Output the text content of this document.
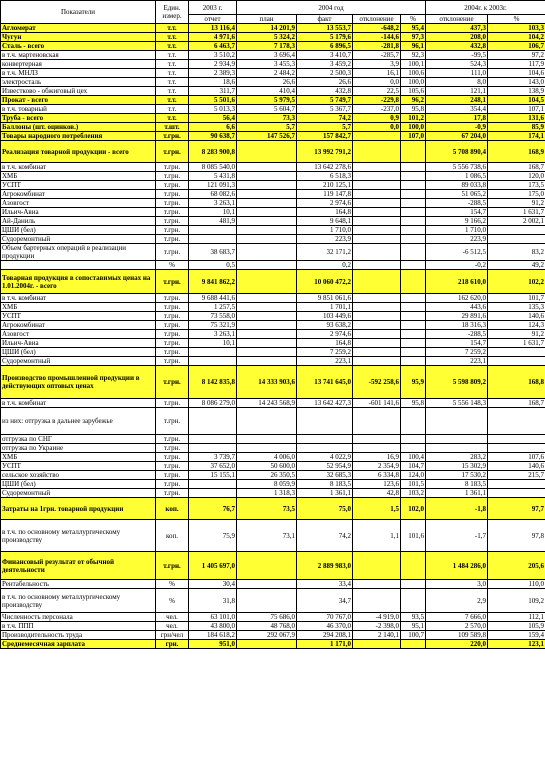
Показатели	Един. измер.	2003 г.	2004 год				2004г. к 2003г.	
		отчет	план	факт	отклонение	%	отклонение	%
Агломерат	т.т.	13 116,4	14 201,9	13 553,7	-648,2	95,4	437,3	103,3
Чугун	т.т.	4 971,6	5 324,2	5 179,6	-144,6	97,3	208,0	104,2
Сталь - всего	т.т.	6 463,7	7 178,3	6 896,5	-281,8	96,1	432,8	106,7
в т.ч. мартеновская	т.т.	3 510,2	3 696,4	3 410,7	-285,7	92,3	-99,5	97,2
конвертерная	т.т.	2 934,9	3 455,3	3 459,2	3,9	100,1	524,3	117,9
в т.ч. МНЛЗ	т.т.	2 389,3	2 484,2	2 500,3	16,1	100,6	111,0	104,6
электросталь	т.т.	18,6	26,6	26,6	0,0	100,0	8,0	143,0
Известково - обжиговый цех	т.т.	311,7	410,4	432,8	22,5	105,6	121,1	138,9
Прокат - всего	т.т.	5 501,6	5 979,5	5 749,7	-229,8	96,2	248,1	104,5
в т.ч. товарный	т.т.	5 013,3	5 604,7	5 367,7	-237,0	95,8	354,4	107,1
Труба - всего	т.т.	56,4	73,3	74,2	0,9	101,2	17,8	131,6
Баллоны (шт. оцинков.)	т.шт.	6,6	5,7	5,7	0,0	100,0	-0,9	85,9
Товары народного потребления	т.грн.	90 638,7	147 526,7	157 842,7		107,0	67 204,0	174,1
Реализация товарной продукции - всего	т.грн.	8 283 900,8		13 992 791,2			5 708 890,4	168,9
в т.ч. комбинат	т.грн.	8 085 540,0		13 642 278,6			5 556 738,6	168,7
ХМБ	т.грн.	5 431,8		6 518,3			1 086,5	120,0
УСПТ	т.грн.	121 091,3		210 125,1			89 033,8	173,5
Агрокомбинат	т.грн.	68 082,6		119 147,8			51 065,2	175,0
Азовгост	т.грн.	3 263,1		2 974,6			-288,5	91,2
Ильич-Авиа	т.грн.	10,1		164,8			154,7	1 631,7
Ай-Даниль	т.грн.	481,9		9 648,1			9 166,2	2 002,1
ЦШИ (бел)	т.грн.			1 710,0			1 710,0	
Судоремонтный	т.грн.			223,9			223,9	
Объем бартерных операций в реализации продукции	т.грн.	38 683,7		32 171,2			-6 512,5	83,2
	%	0,5		0,2			-0,2	49,2
Товарная продукция в сопоставимых ценах на 1.01.2004г. - всего	т.грн.	9 841 862,2		10 060 472,2			218 610,0	102,2
в т.ч. комбинат	т.грн.	9 688 441,6		9 851 061,6			162 620,0	101,7
ХМБ	т.грн.	1 257,5		1 701,1			443,6	135,3
УСПТ	т.грн.	73 558,0		103 449,6			29 891,6	140,6
Агрокомбинат	т.грн.	75 321,9		93 638,2			18 316,3	124,3
Азовгост	т.грн.	3 263,1		2 974,6			-288,5	91,2
Ильич-Авиа	т.грн.	10,1		164,8			154,7	1 631,7
ЦШИ (бел)	т.грн.			7 259,2			7 259,2	
Судоремонтный	т.грн.			223,1			223,1	
Производство промышленной продукции в действующих оптовых ценах	т.грн.	8 142 835,8	14 333 903,6	13 741 645,0	-592 258,6	95,9	5 598 809,2	168,8
в т.ч. комбинат	т.грн.	8 086 279,0	14 243 568,9	13 642 427,3	-601 141,6	95,8	5 556 148,3	168,7
из них: отгрузка в дальнее зарубежье	т.грн.							
отгрузка по СНГ	т.грн.							
отгрузка по Украине	т.грн.							
ХМБ	т.грн.	3 739,7	4 006,0	4 022,9	16,9	100,4	283,2	107,6
УСПТ	т.грн.	37 652,0	50 600,0	52 954,9	2 354,9	104,7	15 302,9	140,6
сельское хозяйство	т.грн.	15 155,1	26 350,5	32 685,3	6 334,8	124,0	17 530,2	215,7
ЦШИ (бел)	т.грн.		8 059,9	8 183,5	123,6	101,5	8 183,5	
Судоремонтный	т.грн.		1 318,3	1 361,1	42,8	103,2	1 361,1	
Затраты на 1грн. товарной продукции	коп.	76,7	73,5	75,0	1,5	102,0	-1,8	97,7
в т.ч. по основному металлургическому производству	коп.	75,9	73,1	74,2	1,1	101,6	-1,7	97,8
Финансовый результат от обычной деятельности	т.грн.	1 405 697,0		2 889 983,0			1 484 286,0	205,6
Рентабельность	%	30,4		33,4			3,0	110,0
в т.ч. по основному металлургическому производству	%	31,8		34,7			2,9	109,2
Численность персонала	чел.	63 101,0	75 686,0	70 767,0	-4 919,0	93,5	7 666,0	112,1
в т.ч. ППП	чел.	43 800,0	48 768,0	46 370,0	-2 398,0	95,1	2 570,0	105,9
Производительность труда	грн/чел	184 618,2	292 067,9	294 208,1	2 140,1	100,7	109 589,8	159,4
Среднемесячная зарплата	грн.	951,0		1 171,0			220,0	123,1
